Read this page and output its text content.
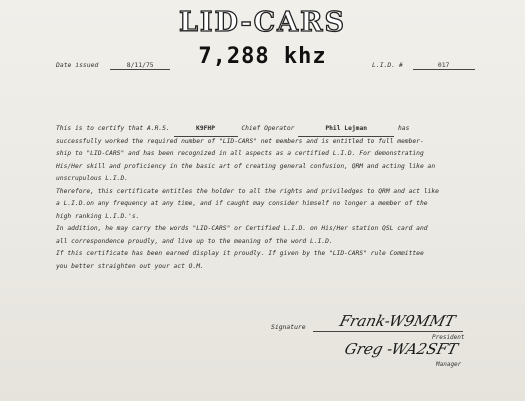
LID-CARS
7,288 khz
Date issued	8/11/75	L.I.D. #	017
This is to certify that A.R.S.	K9FHP	Chief Operator	Phil Lejman	has
successfully worked the required number of "LID-CARS" net members and is entitled to full member-
ship to "LID-CARS" and has been recognized in all aspects as a certified L.I.D. For demonstrating
His/Her skill and proficiency in the basic art of creating general confusion, QRM and acting like an
unscrupulous L.I.D.
Therefore, this certificate entitles the holder to all the rights and priviledges to QRM and act like
a L.I.D.on any frequency at any time, and if caught may consider himself no longer a member of the
high ranking L.I.D.'s.
In addition, he may carry the words "LID-CARS" or Certified L.I.D. on His/Her station QSL card and
all correspondence proudly, and live up to the meaning of the word L.I.D.
If this certificate has been earned display it proudly. If given by the "LID-CARS" rule Committee
you better straighten out your act O.M.
Signature Frank-W9MMT
President
Greg -WA2SFT
Manager
